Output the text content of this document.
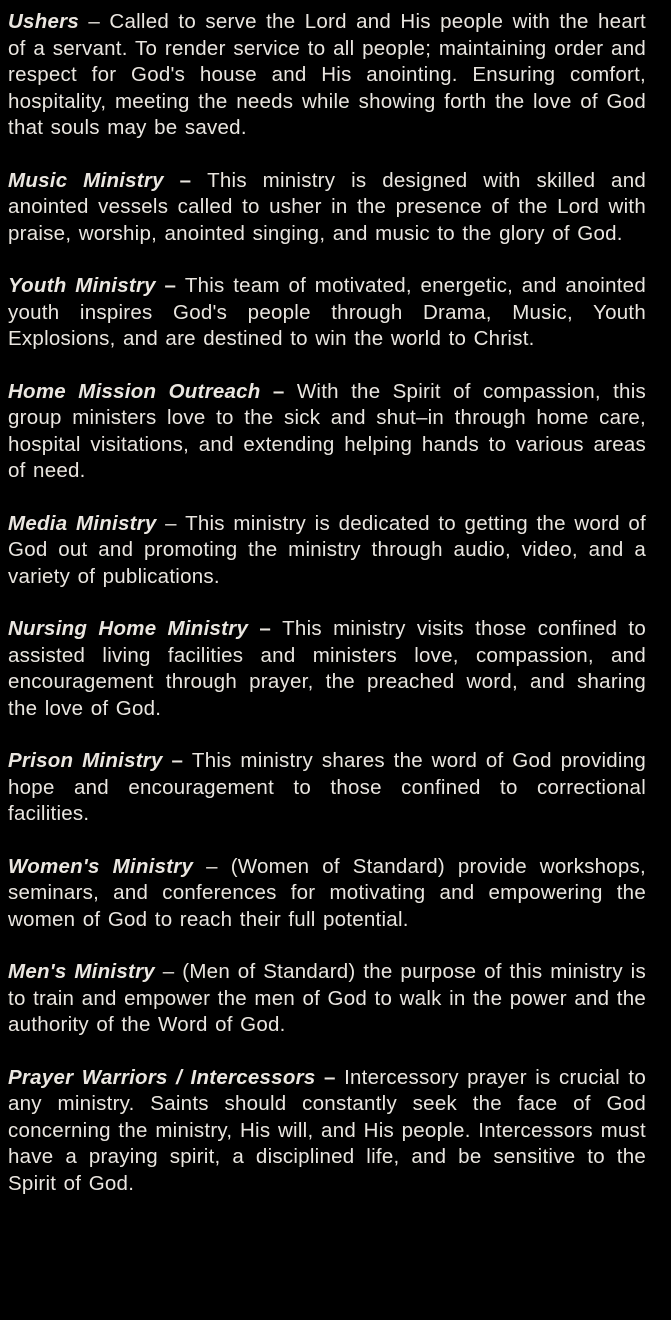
Ushers – Called to serve the Lord and His people with the heart of a servant. To render service to all people; maintaining order and respect for God's house and His anointing. Ensuring comfort, hospitality, meeting the needs while showing forth the love of God that souls may be saved.

Music Ministry – This ministry is designed with skilled and anointed vessels called to usher in the presence of the Lord with praise, worship, anointed singing, and music to the glory of God.

Youth Ministry – This team of motivated, energetic, and anointed youth inspires God's people through Drama, Music, Youth Explosions, and are destined to win the world to Christ.

Home Mission Outreach – With the Spirit of compassion, this group ministers love to the sick and shut–in through home care, hospital visitations, and extending helping hands to various areas of need.

Media Ministry – This ministry is dedicated to getting the word of God out and promoting the ministry through audio, video, and a variety of publications.

Nursing Home Ministry – This ministry visits those confined to assisted living facilities and ministers love, compassion, and encouragement through prayer, the preached word, and sharing the love of God.

Prison Ministry – This ministry shares the word of God providing hope and encouragement to those confined to correctional facilities.

Women's Ministry – (Women of Standard) provide workshops, seminars, and conferences for motivating and empowering the women of God to reach their full potential.

Men's Ministry – (Men of Standard) the purpose of this ministry is to train and empower the men of God to walk in the power and the authority of the Word of God.

Prayer Warriors / Intercessors – Intercessory prayer is crucial to any ministry. Saints should constantly seek the face of God concerning the ministry, His will, and His people. Intercessors must have a praying spirit, a disciplined life, and be sensitive to the Spirit of God.
